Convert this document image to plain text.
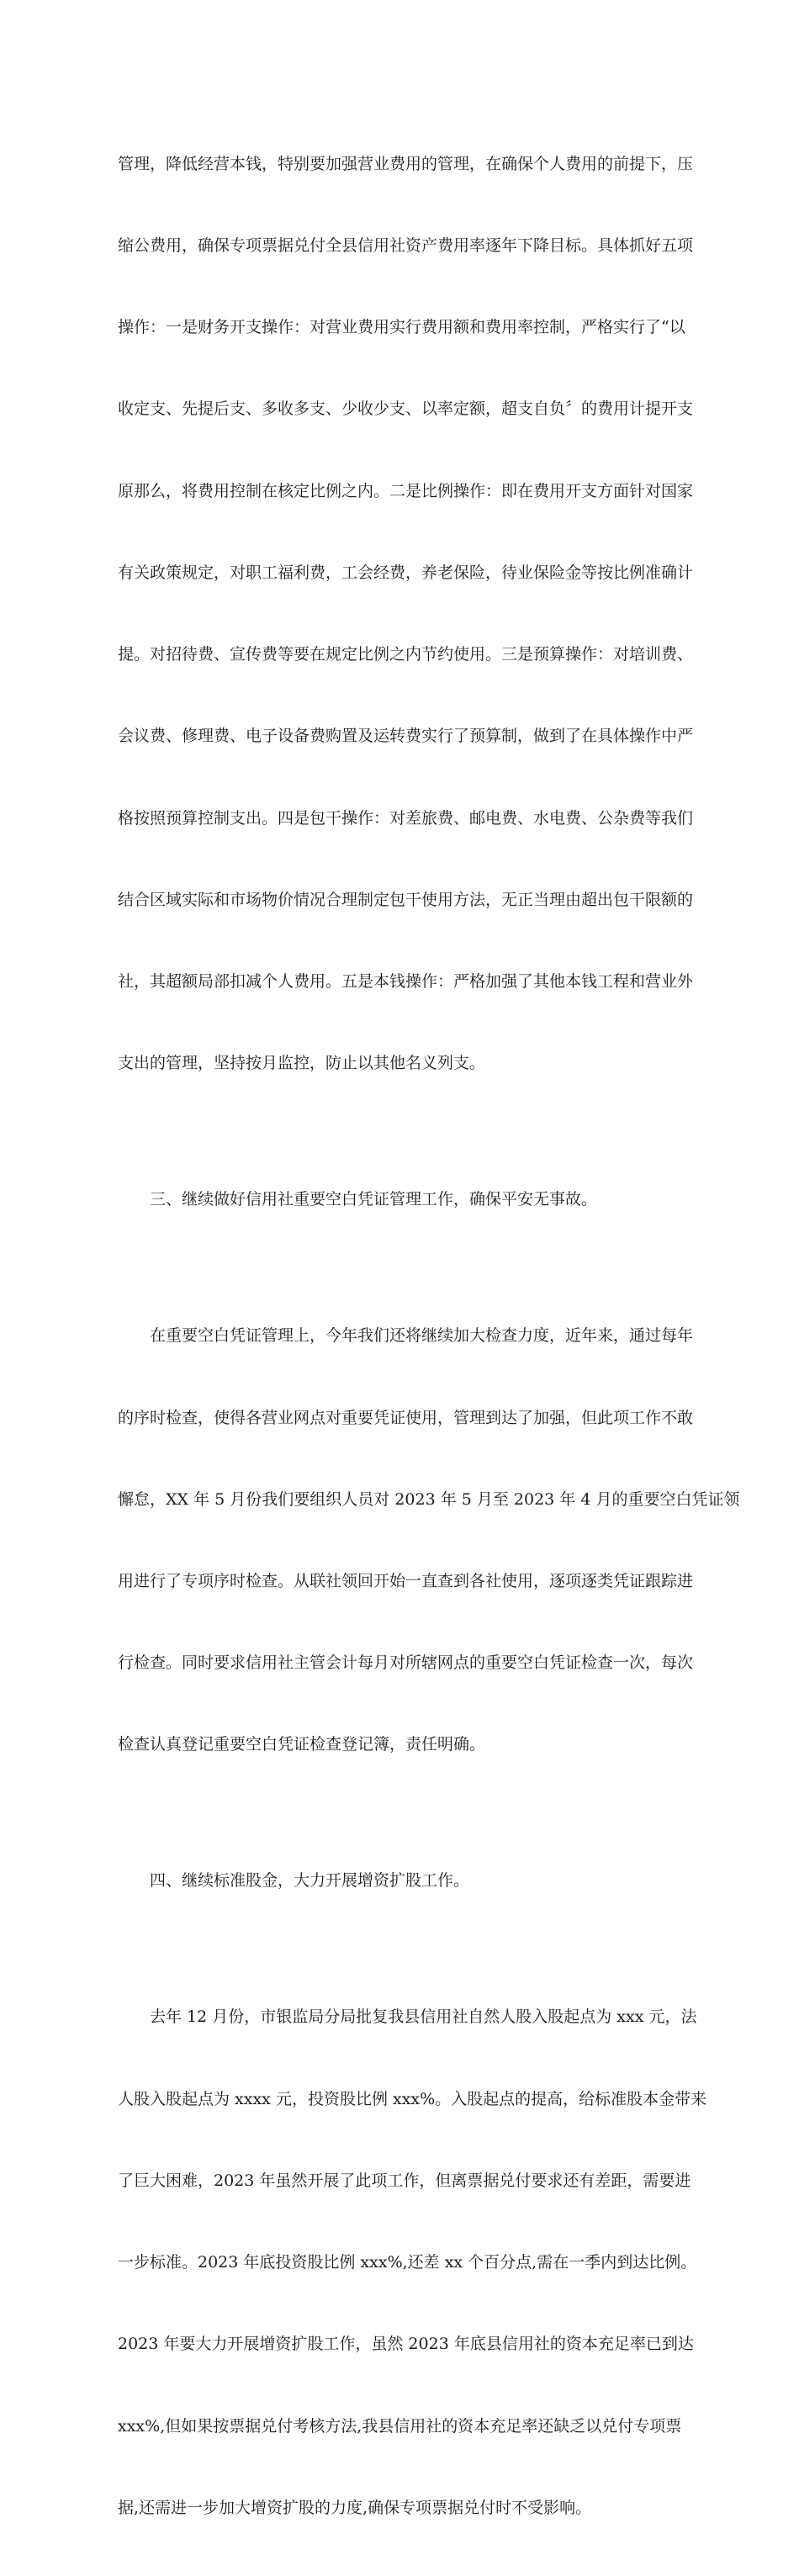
管理，降低经营本钱，特别要加强营业费用的管理，在确保个人费用的前提下，压

缩公费用，确保专项票据兑付全县信用社资产费用率逐年下降目标。具体抓好五项

操作：一是财务开支操作：对营业费用实行费用额和费用率控制，严格实行了“以

收定支、先提后支、多收多支、少收少支、以率定额，超支自负〞的费用计提开支

原那么，将费用控制在核定比例之内。二是比例操作：即在费用开支方面针对国家

有关政策规定，对职工福利费，工会经费，养老保险，待业保险金等按比例准确计

提。对招待费、宣传费等要在规定比例之内节约使用。三是预算操作：对培训费、

会议费、修理费、电子设备费购置及运转费实行了预算制，做到了在具体操作中严

格按照预算控制支出。四是包干操作：对差旅费、邮电费、水电费、公杂费等我们

结合区域实际和市场物价情况合理制定包干使用方法，无正当理由超出包干限额的

社，其超额局部扣减个人费用。五是本钱操作：严格加强了其他本钱工程和营业外

支出的管理，坚持按月监控，防止以其他名义列支。

三、继续做好信用社重要空白凭证管理工作，确保平安无事故。

在重要空白凭证管理上，今年我们还将继续加大检查力度，近年来，通过每年

的序时检查，使得各营业网点对重要凭证使用，管理到达了加强，但此项工作不敢

懈怠，XX 年 5 月份我们要组织人员对 2023 年 5 月至 2023 年 4 月的重要空白凭证领

用进行了专项序时检查。从联社领回开始一直查到各社使用，逐项逐类凭证跟踪进

行检查。同时要求信用社主管会计每月对所辖网点的重要空白凭证检查一次，每次

检查认真登记重要空白凭证检查登记簿，责任明确。

四、继续标准股金，大力开展增资扩股工作。

去年 12 月份，市银监局分局批复我县信用社自然人股入股起点为 xxx 元，法

人股入股起点为 xxxx 元，投资股比例 xxx%。入股起点的提高，给标准股本金带来

了巨大困难，2023 年虽然开展了此项工作，但离票据兑付要求还有差距，需要进

一步标准。2023 年底投资股比例 xxx%,还差 xx 个百分点,需在一季内到达比例。

2023 年要大力开展增资扩股工作，虽然 2023 年底县信用社的资本充足率已到达

xxx%,但如果按票据兑付考核方法,我县信用社的资本充足率还缺乏以兑付专项票

据,还需进一步加大增资扩股的力度,确保专项票据兑付时不受影响。
